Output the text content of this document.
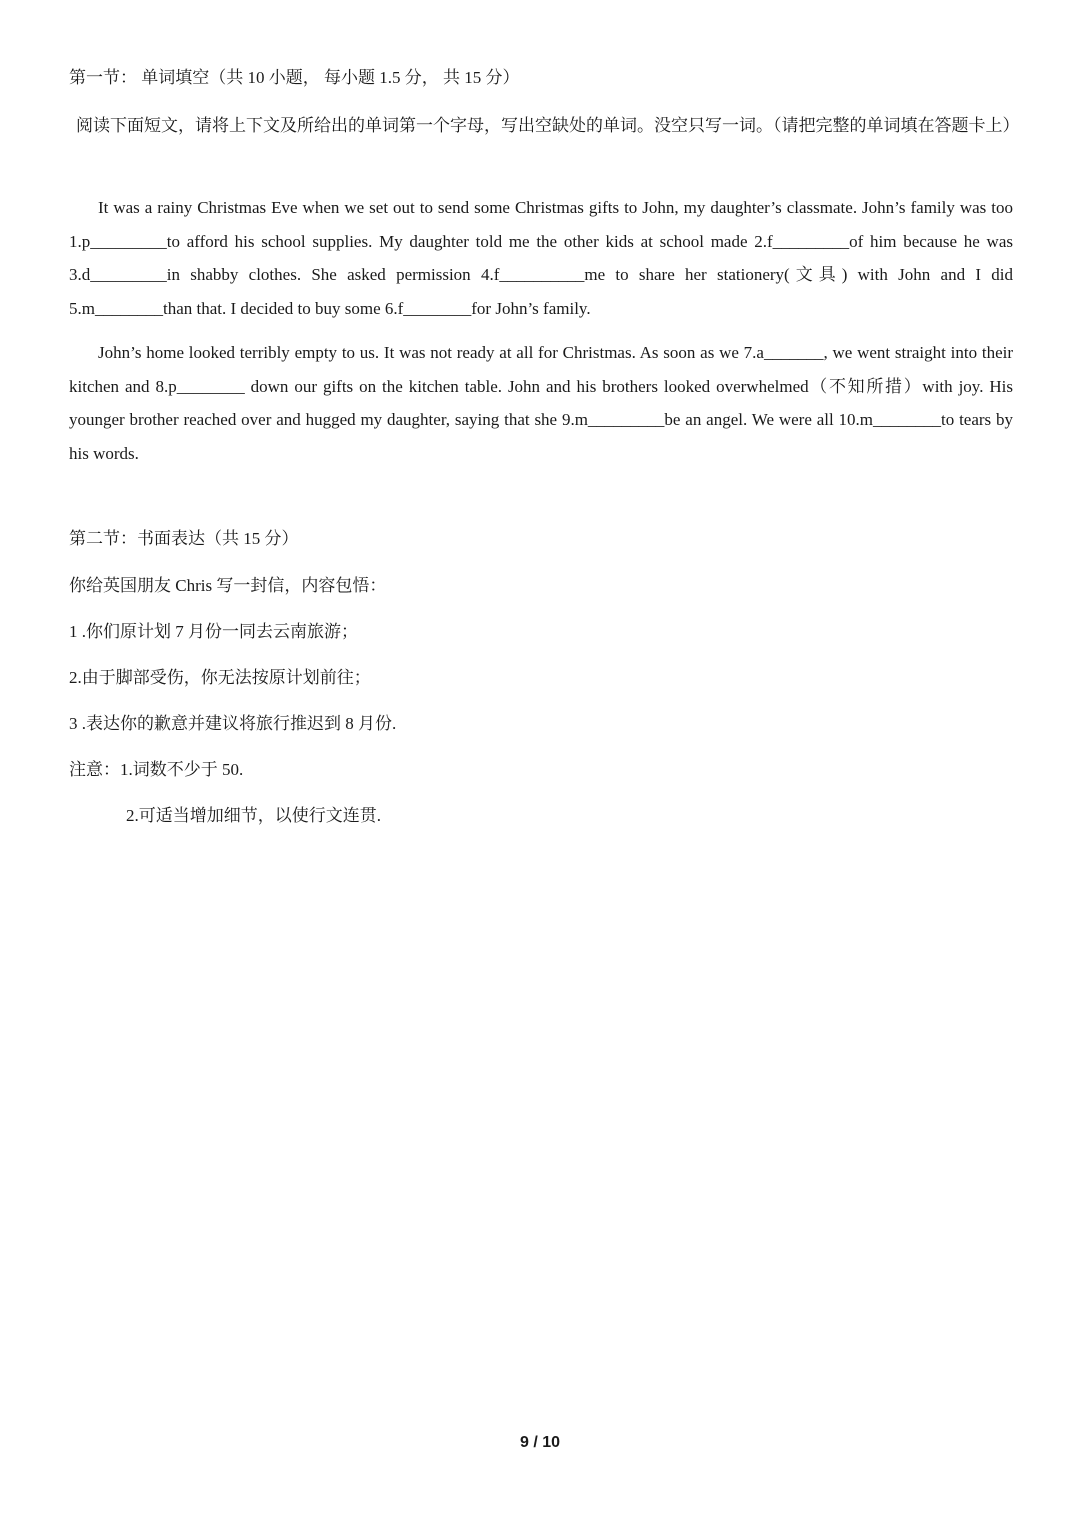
第一节： 单词填空（共 10 小题， 每小题 1.5 分， 共 15 分）
阅读下面短文，请将上下文及所给出的单词第一个字母，写出空缺处的单词。没空只写一词。（请把完整的单词填在答题卡上）
It was a rainy Christmas Eve when we set out to send some Christmas gifts to John, my daughter’s classmate. John’s family was too 1.p_________to afford his school supplies. My daughter told me the other kids at school made 2.f_________of him because he was 3.d_________in shabby clothes. She asked permission 4.f__________me to share her stationery(文具) with John and I did 5.m________than that. I decided to buy some 6.f________for John’s family.
John’s home looked terribly empty to us. It was not ready at all for Christmas. As soon as we 7.a_______, we went straight into their kitchen and 8.p________ down our gifts on the kitchen table. John and his brothers looked overwhelmed（不知所措）with joy. His younger brother reached over and hugged my daughter, saying that she 9.m_________be an angel. We were all 10.m________to tears by his words.
第二节：书面表达（共 15 分）
你给英国朋友 Chris 写一封信，内容包悟：
1 .你们原计划 7 月份一同去云南旅游；
2.由于脚部受伤，你无法按原计划前往；
3 .表达你的歉意并建议将旅行推迟到 8 月份.
注意：1.词数不少于 50.
2.可适当增加细节，以使行文连贯.
9 / 10
